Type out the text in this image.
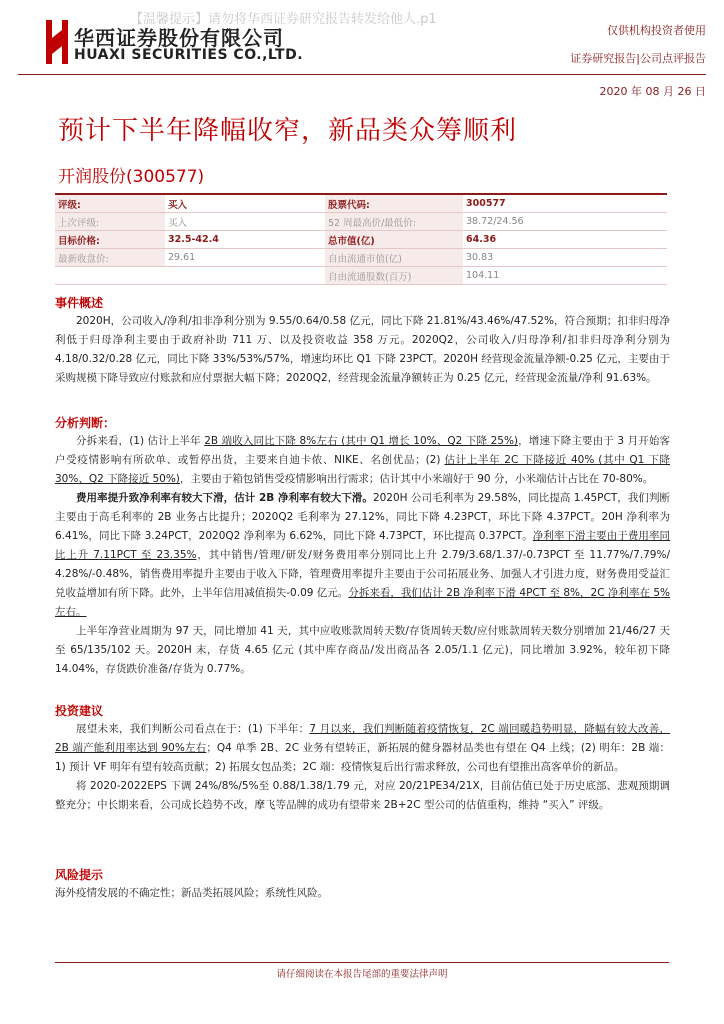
华西证券股份有限公司
HUAXI SECURITIES CO.,LTD.
【温馨提示】请勿将华西证券研究报告转发给他人.p1
仅供机构投资者使用
证券研究报告|公司点评报告
2020 年 08 月 26 日
预计下半年降幅收窄，新品类众筹顺利
开润股份(300577)
评级:	买入	股票代码:	300577
上次评级:	买入	52 周最高价/最低价:	38.72/24.56
目标价格:	32.5-42.4	总市值(亿)	64.36
最新收盘价:	29.61	自由流通市值(亿)	30.83
		自由流通股数(百万)	104.11
事件概述

2020H，公司收入/净利/扣非净利分别为 9.55/0.64/0.58 亿元，同比下降 21.81%/43.46%/47.52%，符合预期；扣非归母净利低于归母净利主要由于政府补助 711 万、以及投资收益 358 万元。2020Q2，公司收入/归母净利/扣非归母净利分别为 4.18/0.32/0.28 亿元，同比下降 33%/53%/57%，增速均环比 Q1 下降 23PCT。2020H 经营现金流量净额-0.25 亿元，主要由于采购规模下降导致应付账款和应付票据大幅下降；2020Q2，经营现金流量净额转正为 0.25 亿元，经营现金流量/净利 91.63%。

分析判断：

分拆来看，(1) 估计上半年 2B 端收入同比下降 8%左右 (其中 Q1 增长 10%、Q2 下降 25%)，增速下降主要由于 3 月开始客户受疫情影响有所砍单、或暂停出货，主要来自迪卡侬、NIKE、名创优品；(2) 估计上半年 2C 下降接近 40% (其中 Q1 下降 30%、Q2 下降接近 50%)，主要由于箱包销售受疫情影响出行需求；估计其中小米端好于 90 分，小米端估计占比在 70-80%。

费用率提升致净利率有较大下滑，估计 2B 净利率有较大下滑。2020H 公司毛利率为 29.58%，同比提高 1.45PCT，我们判断主要由于高毛利率的 2B 业务占比提升；2020Q2 毛利率为 27.12%，同比下降 4.23PCT，环比下降 4.37PCT。20H 净利率为 6.41%，同比下降 3.24PCT，2020Q2 净利率为 6.62%，同比下降 4.73PCT，环比提高 0.37PCT。净利率下滑主要由于费用率同比上升 7.11PCT 至 23.35%，其中销售/管理/研发/财务费用率分别同比上升 2.79/3.68/1.37/-0.73PCT 至 11.77%/7.79%/ 4.28%/-0.48%，销售费用率提升主要由于收入下降，管理费用率提升主要由于公司拓展业务、加强人才引进力度，财务费用受益汇兑收益增加有所下降。此外，上半年信用减值损失-0.09 亿元。分拆来看，我们估计 2B 净利率下滑 4PCT 至 8%，2C 净利率在 5%左右。

上半年净营业周期为 97 天，同比增加 41 天，其中应收账款周转天数/存货周转天数/应付账款周转天数分别增加 21/46/27 天至 65/135/102 天。2020H 末，存货 4.65 亿元 (其中库存商品/发出商品各 2.05/1.1 亿元)，同比增加 3.92%，较年初下降 14.04%，存货跌价准备/存货为 0.77%。

投资建议

展望未来，我们判断公司看点在于：(1) 下半年：7 月以来，我们判断随着疫情恢复，2C 端回暖趋势明显，降幅有较大改善，2B 端产能利用率达到 90%左右；Q4 单季 2B、2C 业务有望转正，新拓展的健身器材品类也有望在 Q4 上线；(2) 明年：2B 端：1) 预计 VF 明年有望有较高贡献；2) 拓展女包品类；2C 端：疫情恢复后出行需求释放，公司也有望推出高客单价的新品。

将 2020-2022EPS 下调 24%/8%/5%至 0.88/1.38/1.79 元，对应 20/21PE34/21X，目前估值已处于历史底部、悲观预期调整充分；中长期来看，公司成长趋势不改，摩飞等品牌的成功有望带来 2B+2C 型公司的估值重构，维持 “买入” 评级。

风险提示

海外疫情发展的不确定性；新品类拓展风险；系统性风险。

请仔细阅读在本报告尾部的重要法律声明
